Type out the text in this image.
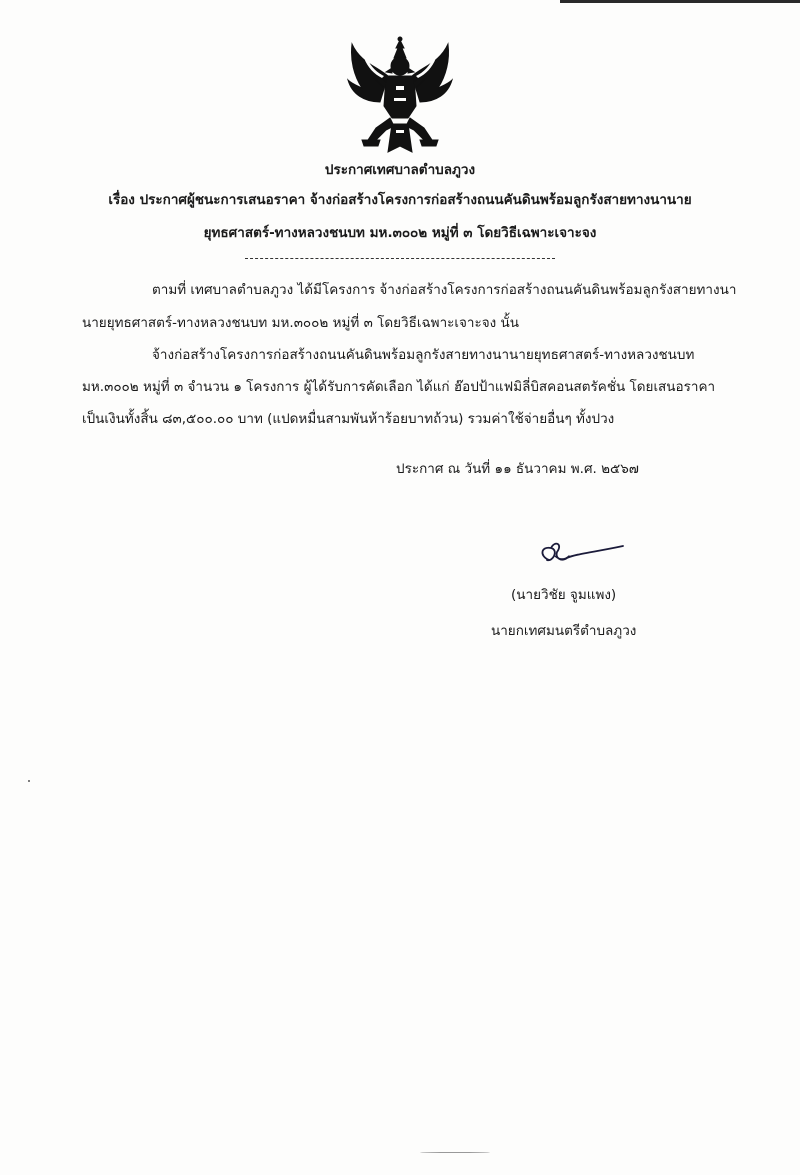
ประกาศเทศบาลตำบลภูวง
เรื่อง ประกาศผู้ชนะการเสนอราคา จ้างก่อสร้างโครงการก่อสร้างถนนคันดินพร้อมลูกรังสายทางนานาย
ยุทธศาสตร์-ทางหลวงชนบท มห.๓๐๐๒ หมู่ที่ ๓ โดยวิธีเฉพาะเจาะจง
ตามที่ เทศบาลตำบลภูวง ได้มีโครงการ จ้างก่อสร้างโครงการก่อสร้างถนนคันดินพร้อมลูกรังสายทางนา
นายยุทธศาสตร์-ทางหลวงชนบท มห.๓๐๐๒ หมู่ที่ ๓ โดยวิธีเฉพาะเจาะจง นั้น
จ้างก่อสร้างโครงการก่อสร้างถนนคันดินพร้อมลูกรังสายทางนานายยุทธศาสตร์-ทางหลวงชนบท
มห.๓๐๐๒ หมู่ที่ ๓ จำนวน ๑ โครงการ ผู้ได้รับการคัดเลือก ได้แก่ ฮ๊อปป้าแฟมิลี่บิสคอนสตรัคชั่น โดยเสนอราคา
เป็นเงินทั้งสิ้น ๘๓,๕๐๐.๐๐ บาท (แปดหมื่นสามพันห้าร้อยบาทถ้วน) รวมค่าใช้จ่ายอื่นๆ ทั้งปวง
ประกาศ ณ วันที่ ๑๑ ธันวาคม พ.ศ. ๒๕๖๗
(นายวิชัย จูมแพง)
นายกเทศมนตรีตำบลภูวง
